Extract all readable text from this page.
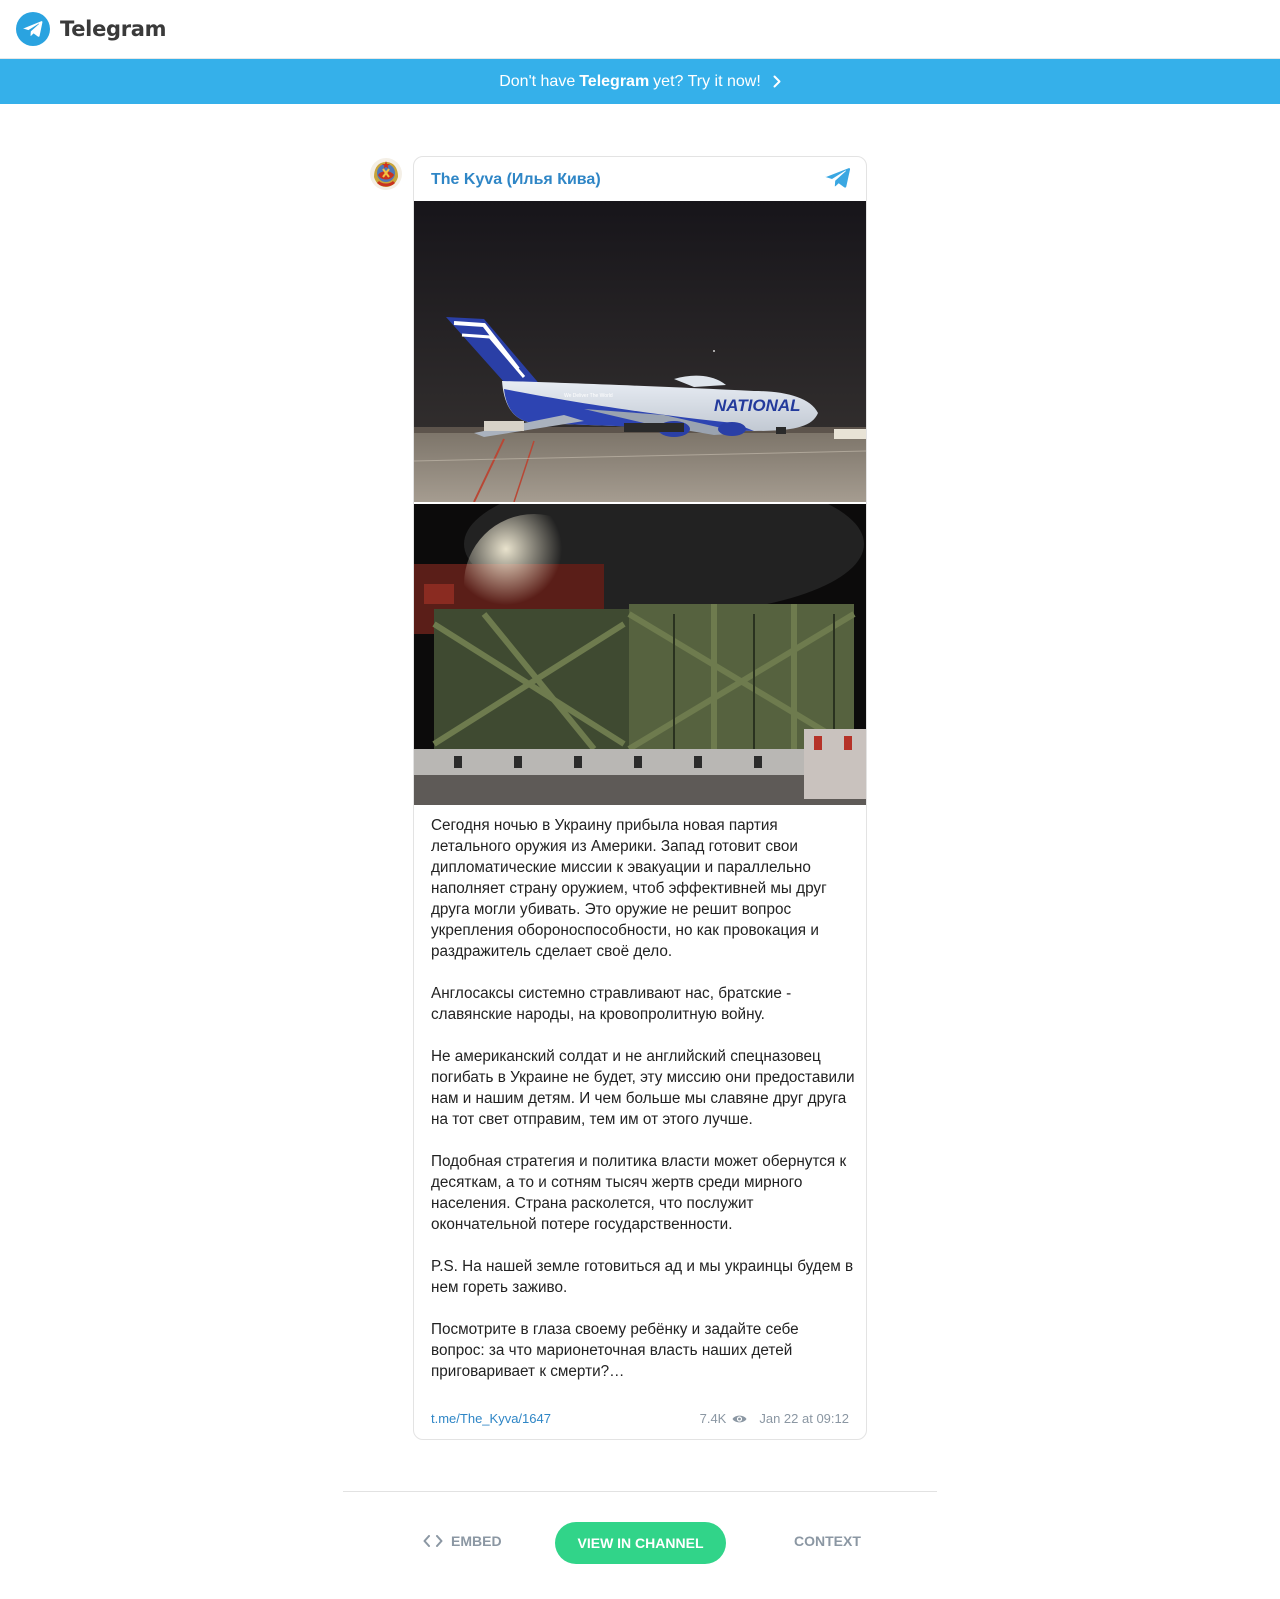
Telegram
Don't have Telegram yet? Try it now!
The Kyva (Илья Кива)
NATIONAL
We Deliver The World

Сегодня ночью в Украину прибыла новая партия летального оружия из Америки. Запад готовит свои дипломатические миссии к эвакуации и параллельно наполняет страну оружием, чтоб эффективней мы друг друга могли убивать. Это оружие не решит вопрос укрепления обороноспособности, но как провокация и раздражитель сделает своё дело.

Англосаксы системно стравливают нас, братские - славянские народы, на кровопролитную войну.

Не американский солдат и не английский спецназовец погибать в Украине не будет, эту миссию они предоставили нам и нашим детям. И чем больше мы славяне друг друга на тот свет отправим, тем им от этого лучше.

Подобная стратегия и политика власти может обернутся к десяткам, а то и сотням тысяч жертв среди мирного населения. Страна расколется, что послужит окончательной потере государственности.

P.S. На нашей земле готовиться ад и мы украинцы будем в нем гореть заживо.

Посмотрите в глаза своему ребёнку и задайте себе вопрос: за что марионеточная власть наших детей приговаривает к смерти?…

t.me/The_Kyva/1647	7.4K	Jan 22 at 09:12
EMBED	VIEW IN CHANNEL	CONTEXT
